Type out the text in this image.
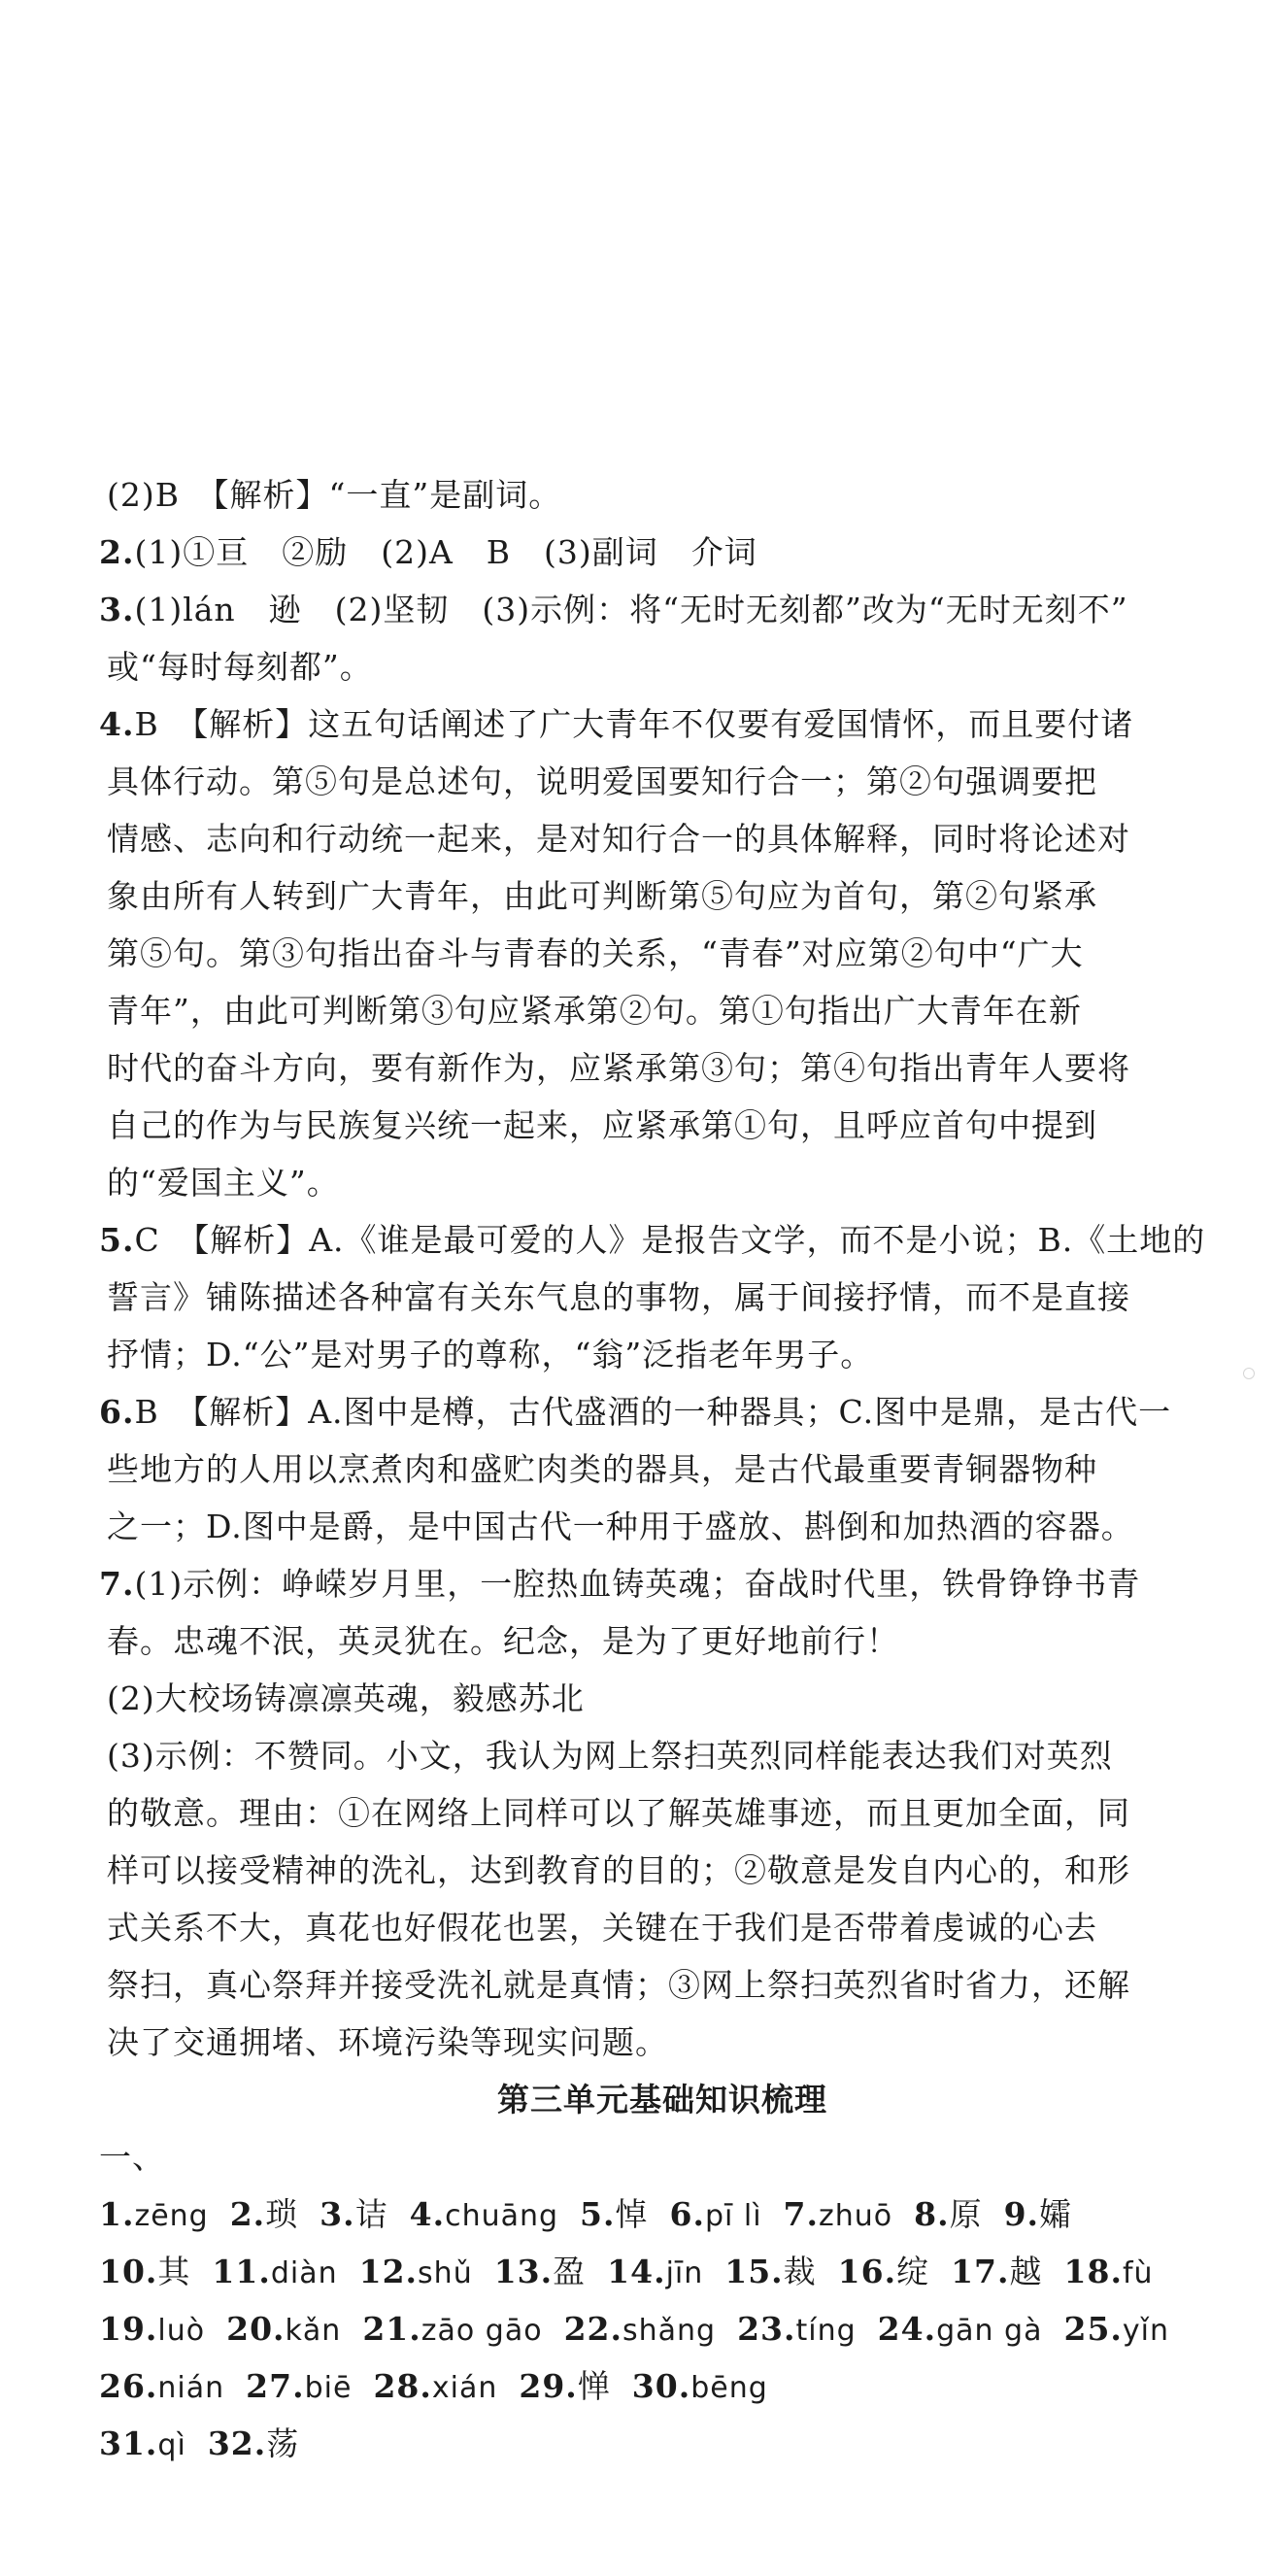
(2)B　【解析】“一直”是副词。
2.(1)①亘　②励　(2)A　B　(3)副词　介词
3.(1)lán　逊　(2)坚韧　(3)示例：将“无时无刻都”改为“无时无刻不”
或“每时每刻都”。
4.B　【解析】这五句话阐述了广大青年不仅要有爱国情怀，而且要付诸
具体行动。第⑤句是总述句，说明爱国要知行合一；第②句强调要把
情感、志向和行动统一起来，是对知行合一的具体解释，同时将论述对
象由所有人转到广大青年，由此可判断第⑤句应为首句，第②句紧承
第⑤句。第③句指出奋斗与青春的关系，“青春”对应第②句中“广大
青年”，由此可判断第③句应紧承第②句。第①句指出广大青年在新
时代的奋斗方向，要有新作为，应紧承第③句；第④句指出青年人要将
自己的作为与民族复兴统一起来，应紧承第①句，且呼应首句中提到
的“爱国主义”。
5.C　【解析】A.《谁是最可爱的人》是报告文学，而不是小说；B.《土地的
誓言》铺陈描述各种富有关东气息的事物，属于间接抒情，而不是直接
抒情；D.“公”是对男子的尊称，“翁”泛指老年男子。
6.B　【解析】A.图中是樽，古代盛酒的一种器具；C.图中是鼎，是古代一
些地方的人用以烹煮肉和盛贮肉类的器具，是古代最重要青铜器物种
之一；D.图中是爵，是中国古代一种用于盛放、斟倒和加热酒的容器。
7.(1)示例：峥嵘岁月里，一腔热血铸英魂；奋战时代里，铁骨铮铮书青
春。忠魂不泯，英灵犹在。纪念，是为了更好地前行！
(2)大校场铸凛凛英魂，毅感苏北
(3)示例：不赞同。小文，我认为网上祭扫英烈同样能表达我们对英烈
的敬意。理由：①在网络上同样可以了解英雄事迹，而且更加全面，同
样可以接受精神的洗礼，达到教育的目的；②敬意是发自内心的，和形
式关系不大，真花也好假花也罢，关键在于我们是否带着虔诚的心去
祭扫，真心祭拜并接受洗礼就是真情；③网上祭扫英烈省时省力，还解
决了交通拥堵、环境污染等现实问题。
第三单元基础知识梳理
一、
1.zēng 2.琐 3.诘 4.chuāng 5.悼 6.pī lì 7.zhuō 8.原 9.孀
10.其 11.diàn 12.shǔ 13.盈 14.jīn 15.裁 16.绽 17.越 18.fù
19.luò 20.kǎn 21.zāo gāo 22.shǎng 23.tíng 24.gān gà 25.yǐn
26.nián 27.biē 28.xián 29.惮 30.bēng
31.qì 32.荡
